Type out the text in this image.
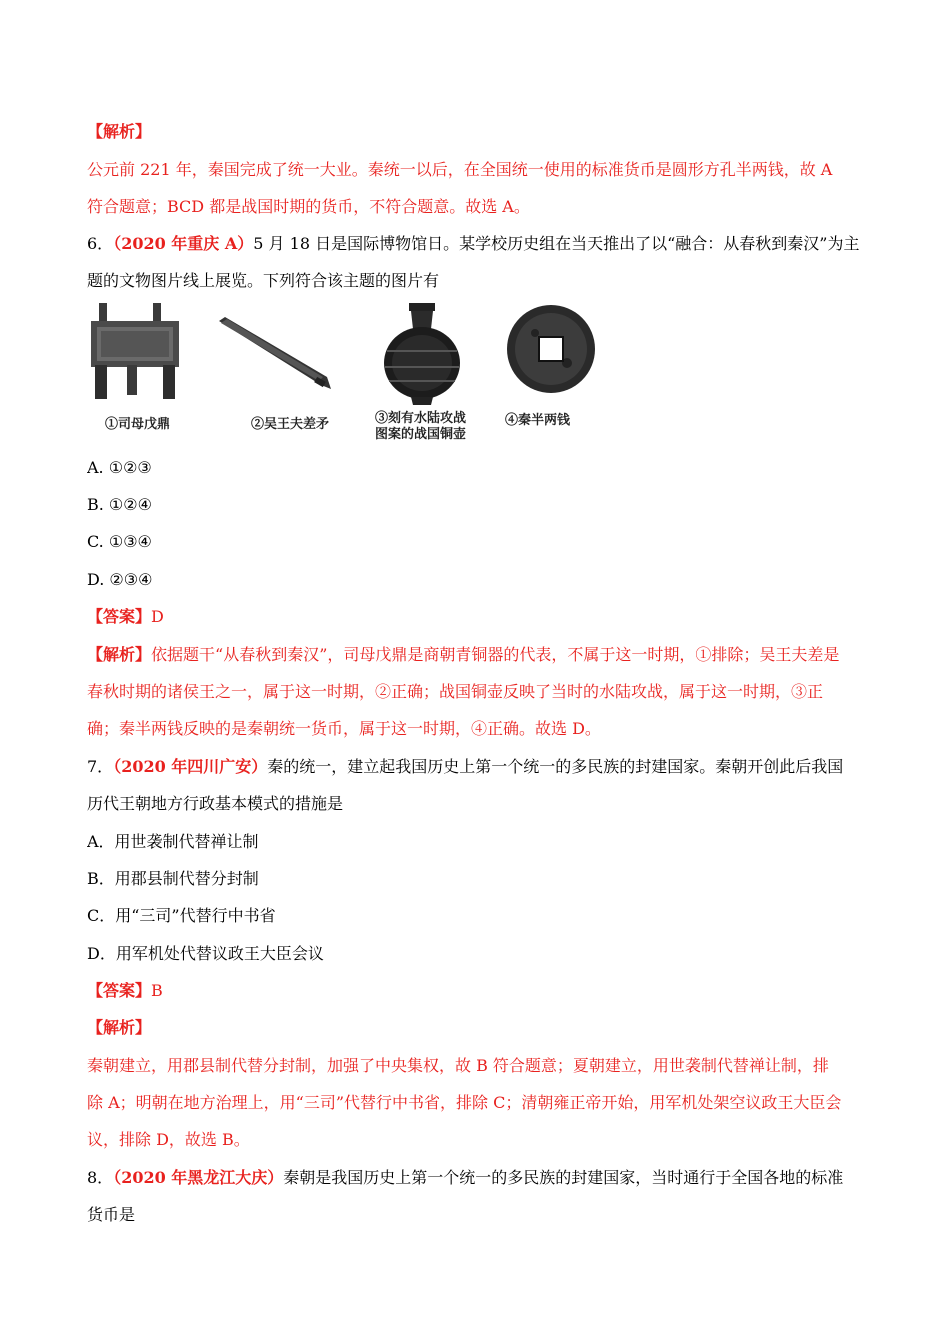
【解析】
公元前 221 年，秦国完成了统一大业。秦统一以后，在全国统一使用的标准货币是圆形方孔半两钱，故 A
符合题意；BCD 都是战国时期的货币，不符合题意。故选 A。
6．（2020 年重庆 A）5 月 18 日是国际博物馆日。某学校历史组在当天推出了以“融合：从春秋到秦汉”为主
题的文物图片线上展览。下列符合该主题的图片有
①司母戊鼎	②吴王夫差矛	③刻有水陆攻战
图案的战国铜壶
④秦半两钱
A. ①②③
B. ①②④
C. ①③④
D. ②③④
【答案】D
【解析】依据题干“从春秋到秦汉”，司母戊鼎是商朝青铜器的代表，不属于这一时期，①排除；吴王夫差是
春秋时期的诸侯王之一，属于这一时期，②正确；战国铜壶反映了当时的水陆攻战，属于这一时期，③正
确；秦半两钱反映的是秦朝统一货币，属于这一时期，④正确。故选 D。
7．（2020 年四川广安）秦的统一，建立起我国历史上第一个统一的多民族的封建国家。秦朝开创此后我国
历代王朝地方行政基本模式的措施是
A．用世袭制代替禅让制
B．用郡县制代替分封制
C．用“三司”代替行中书省
D．用军机处代替议政王大臣会议
【答案】B
【解析】
秦朝建立，用郡县制代替分封制，加强了中央集权，故 B 符合题意；夏朝建立，用世袭制代替禅让制，排
除 A；明朝在地方治理上，用“三司”代替行中书省，排除 C；清朝雍正帝开始，用军机处架空议政王大臣会
议，排除 D，故选 B。
8．（2020 年黑龙江大庆）秦朝是我国历史上第一个统一的多民族的封建国家，当时通行于全国各地的标准
货币是
